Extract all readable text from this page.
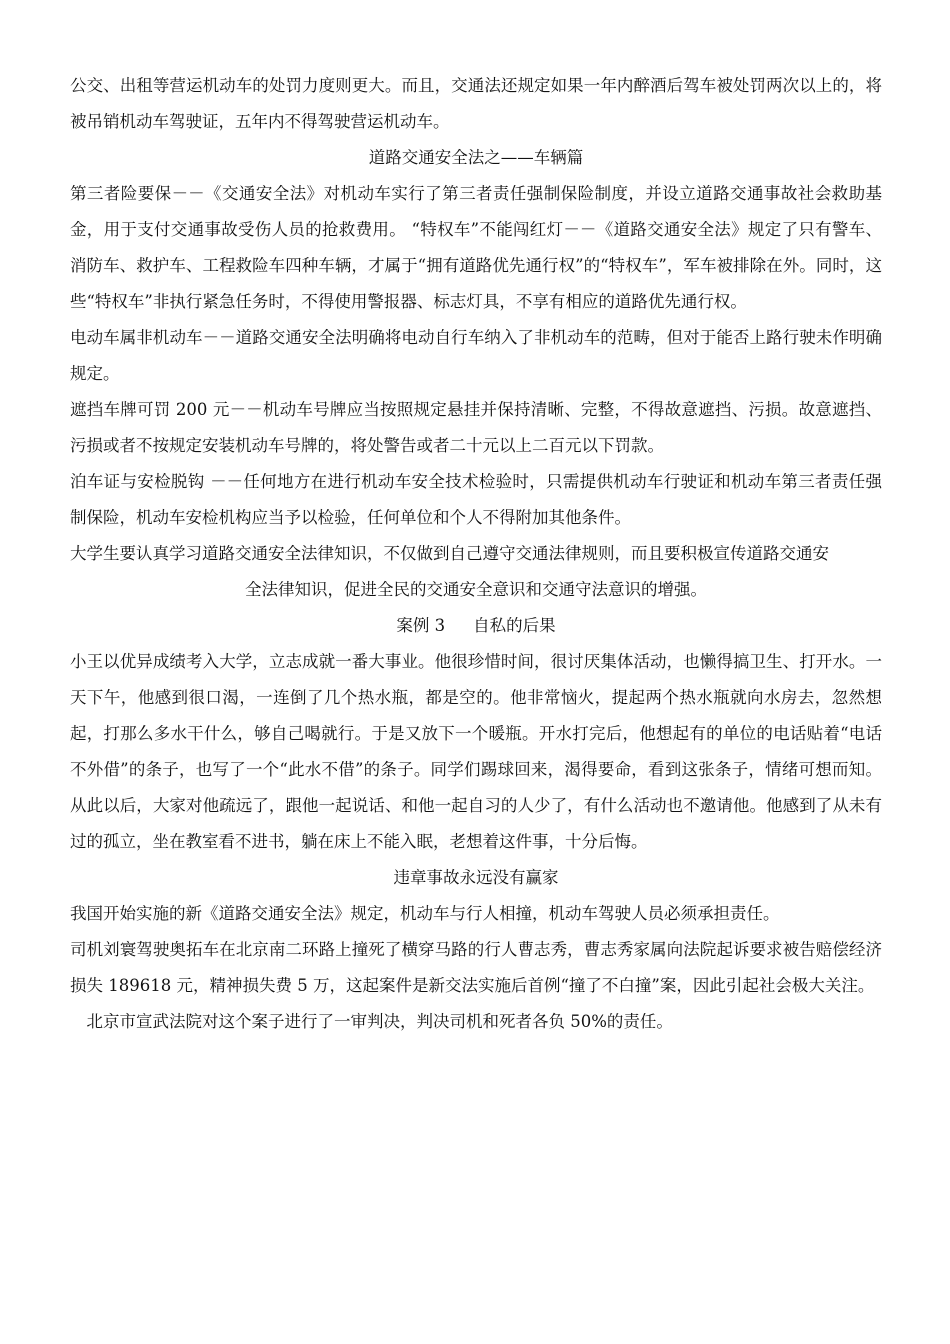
公交、出租等营运机动车的处罚力度则更大。而且，交通法还规定如果一年内醉酒后驾车被处罚两次以上的，将被吊销机动车驾驶证，五年内不得驾驶营运机动车。

道路交通安全法之——车辆篇

第三者险要保－－《交通安全法》对机动车实行了第三者责任强制保险制度，并设立道路交通事故社会救助基金，用于支付交通事故受伤人员的抢救费用。 “特权车”不能闯红灯－－《道路交通安全法》规定了只有警车、消防车、救护车、工程救险车四种车辆，才属于“拥有道路优先通行权”的“特权车”，军车被排除在外。同时，这些“特权车”非执行紧急任务时，不得使用警报器、标志灯具，不享有相应的道路优先通行权。

电动车属非机动车－－道路交通安全法明确将电动自行车纳入了非机动车的范畴，但对于能否上路行驶未作明确规定。

遮挡车牌可罚 200 元－－机动车号牌应当按照规定悬挂并保持清晰、完整，不得故意遮挡、污损。故意遮挡、污损或者不按规定安装机动车号牌的，将处警告或者二十元以上二百元以下罚款。

泊车证与安检脱钩 －－任何地方在进行机动车安全技术检验时，只需提供机动车行驶证和机动车第三者责任强制保险，机动车安检机构应当予以检验，任何单位和个人不得附加其他条件。

大学生要认真学习道路交通安全法律知识，不仅做到自己遵守交通法律规则，而且要积极宣传道路交通安

全法律知识，促进全民的交通安全意识和交通守法意识的增强。

案例 3 自私的后果

小王以优异成绩考入大学，立志成就一番大事业。他很珍惜时间，很讨厌集体活动，也懒得搞卫生、打开水。一天下午，他感到很口渴，一连倒了几个热水瓶，都是空的。他非常恼火，提起两个热水瓶就向水房去，忽然想起，打那么多水干什么，够自己喝就行。于是又放下一个暖瓶。开水打完后，他想起有的单位的电话贴着“电话不外借”的条子，也写了一个“此水不借”的条子。同学们踢球回来，渴得要命，看到这张条子，情绪可想而知。从此以后，大家对他疏远了，跟他一起说话、和他一起自习的人少了，有什么活动也不邀请他。他感到了从未有过的孤立，坐在教室看不进书，躺在床上不能入眠，老想着这件事，十分后悔。

违章事故永远没有赢家

我国开始实施的新《道路交通安全法》规定，机动车与行人相撞，机动车驾驶人员必须承担责任。

司机刘寰驾驶奥拓车在北京南二环路上撞死了横穿马路的行人曹志秀，曹志秀家属向法院起诉要求被告赔偿经济损失 189618 元，精神损失费 5 万，这起案件是新交法实施后首例“撞了不白撞”案，因此引起社会极大关注。

北京市宣武法院对这个案子进行了一审判决，判决司机和死者各负 50%的责任。
